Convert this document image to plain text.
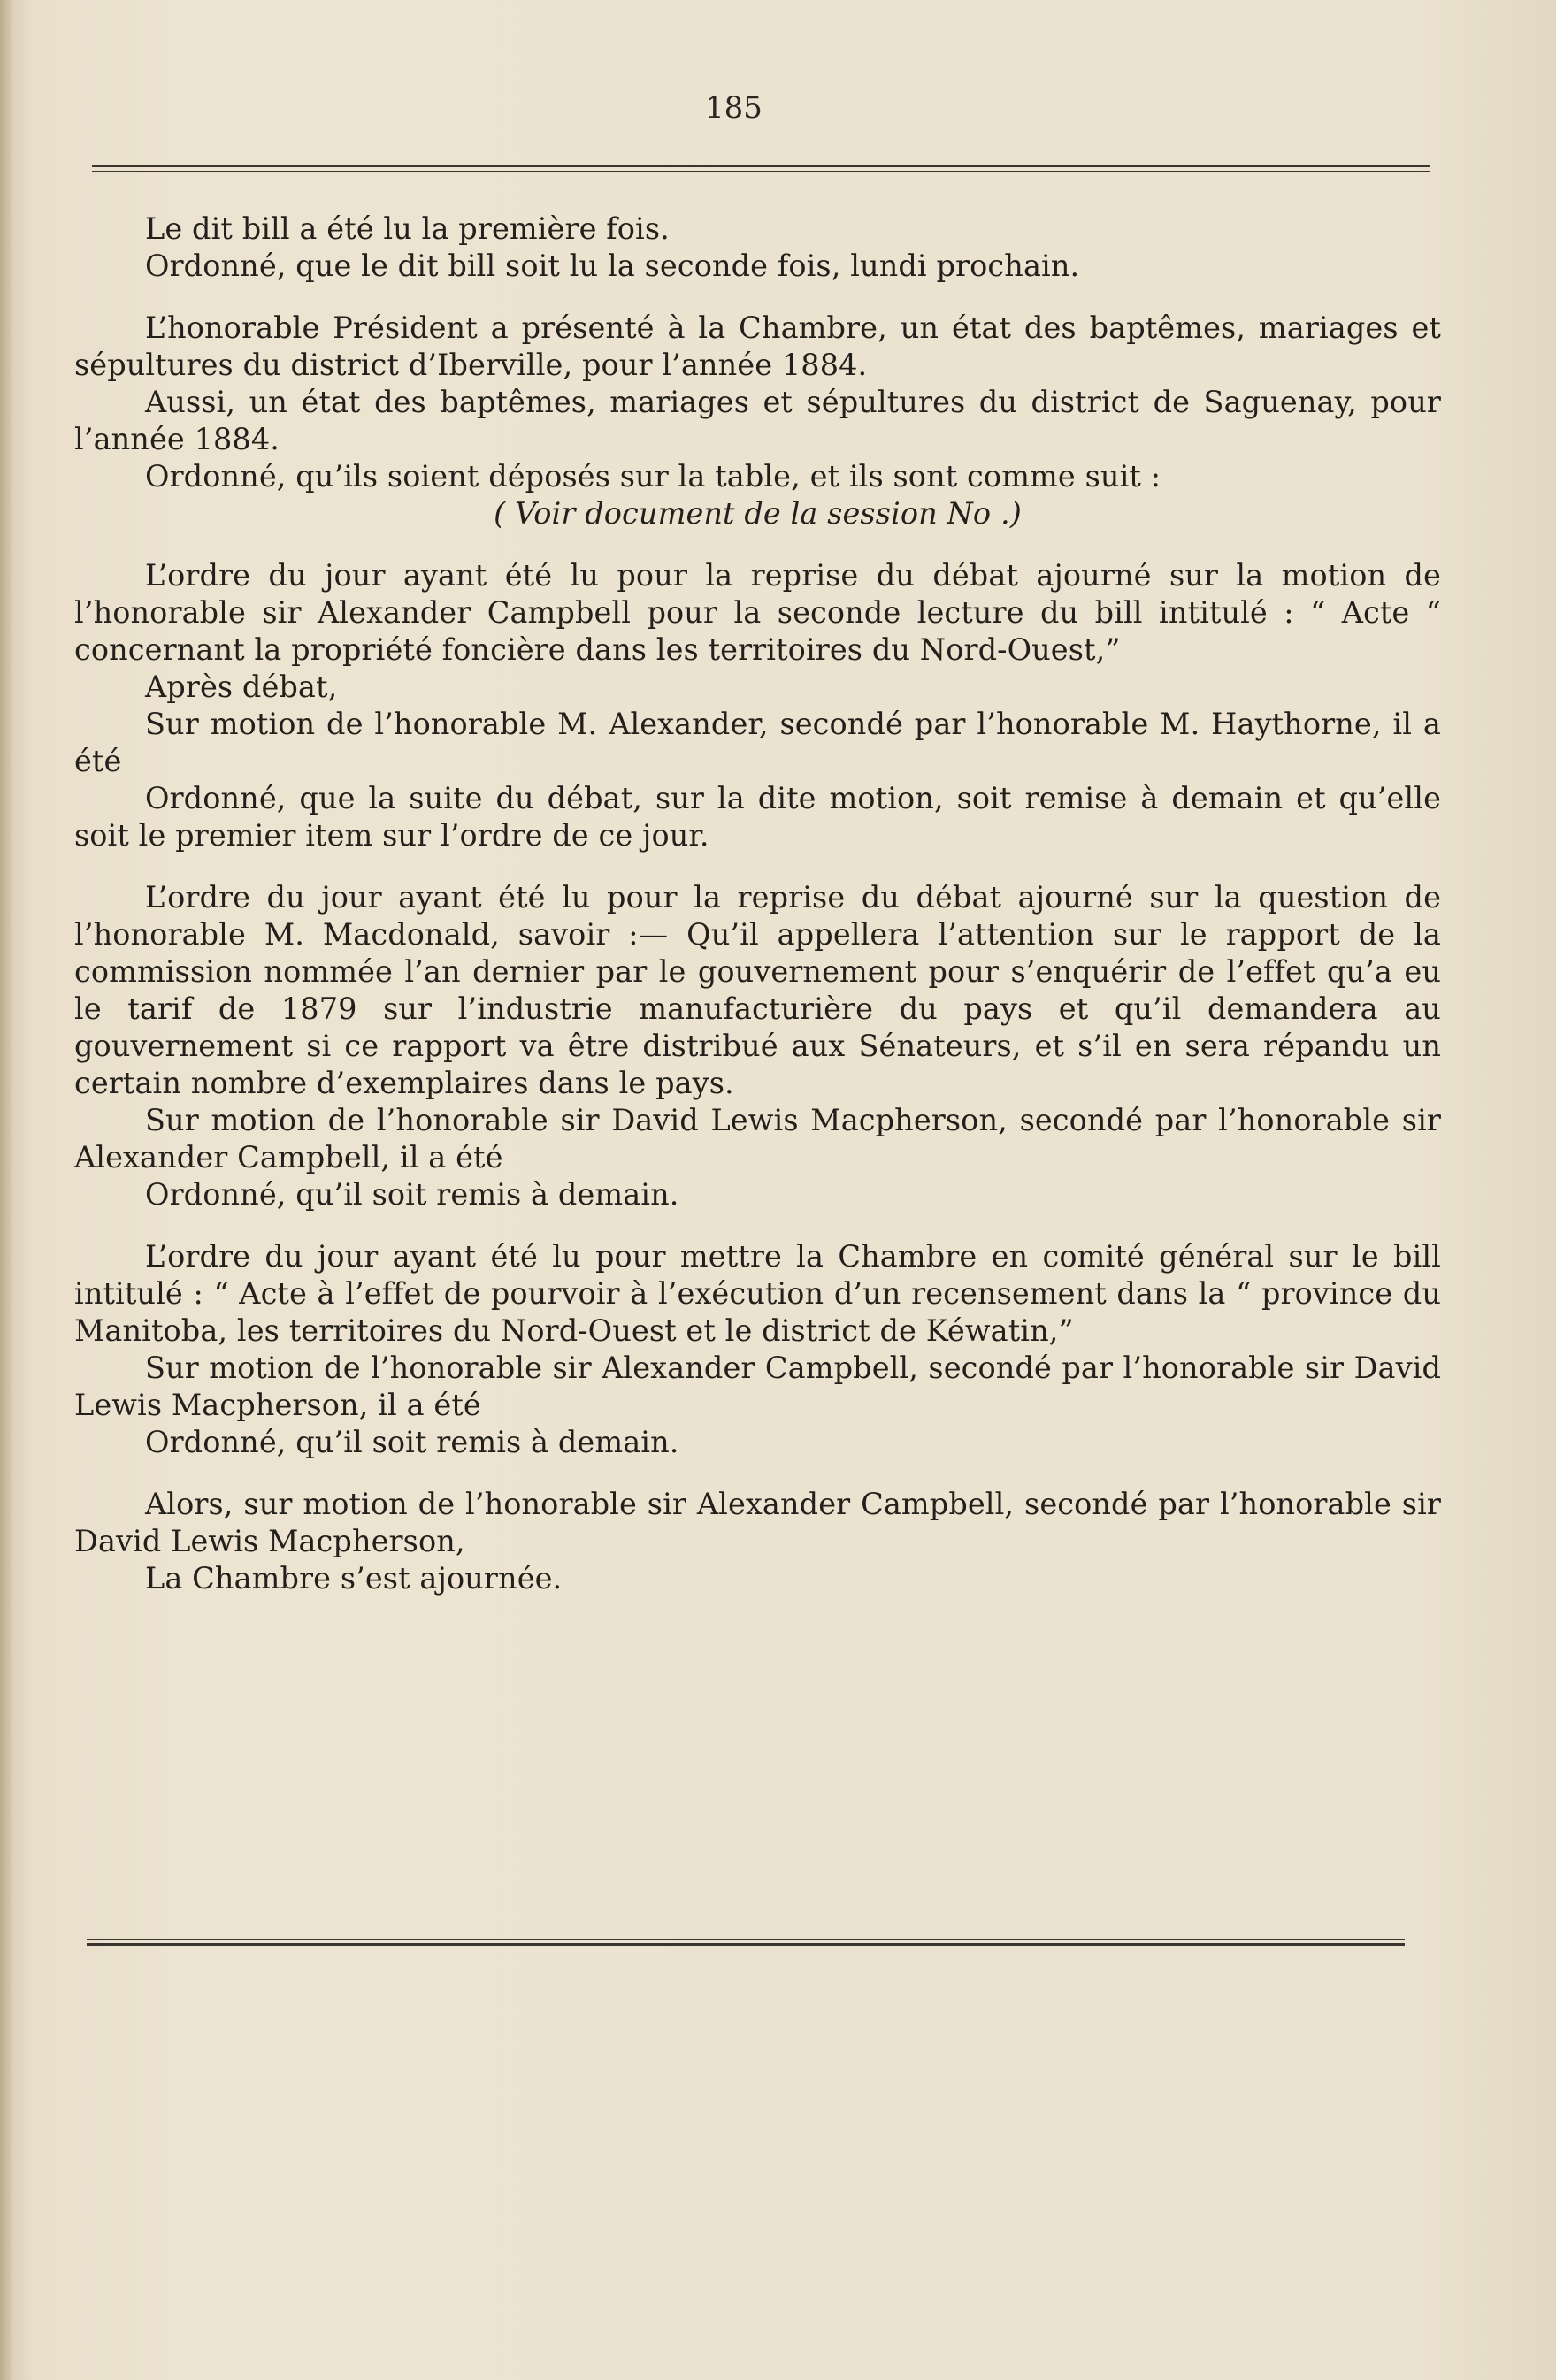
185

Le dit bill a été lu la première fois.

Ordonné, que le dit bill soit lu la seconde fois, lundi prochain.

L’honorable Président a présenté à la Chambre, un état des baptêmes, mariages et sépultures du district d’Iberville, pour l’année 1884.

Aussi, un état des baptêmes, mariages et sépultures du district de Saguenay, pour l’année 1884.

Ordonné, qu’ils soient déposés sur la table, et ils sont comme suit :

( Voir document de la session No .)

L’ordre du jour ayant été lu pour la reprise du débat ajourné sur la motion de l’honorable sir Alexander Campbell pour la seconde lecture du bill intitulé : “ Acte “ concernant la propriété foncière dans les territoires du Nord-Ouest,”

Après débat,

Sur motion de l’honorable M. Alexander, secondé par l’honorable M. Haythorne, il a été

Ordonné, que la suite du débat, sur la dite motion, soit remise à demain et qu’elle soit le premier item sur l’ordre de ce jour.

L’ordre du jour ayant été lu pour la reprise du débat ajourné sur la question de l’honorable M. Macdonald, savoir :— Qu’il appellera l’attention sur le rapport de la commission nommée l’an dernier par le gouvernement pour s’enquérir de l’effet qu’a eu le tarif de 1879 sur l’industrie manufacturière du pays et qu’il demandera au gouvernement si ce rapport va être distribué aux Sénateurs, et s’il en sera répandu un certain nombre d’exemplaires dans le pays.

Sur motion de l’honorable sir David Lewis Macpherson, secondé par l’honorable sir Alexander Campbell, il a été

Ordonné, qu’il soit remis à demain.

L’ordre du jour ayant été lu pour mettre la Chambre en comité général sur le bill intitulé : “ Acte à l’effet de pourvoir à l’exécution d’un recensement dans la “ province du Manitoba, les territoires du Nord-Ouest et le district de Kéwatin,”

Sur motion de l’honorable sir Alexander Campbell, secondé par l’honorable sir David Lewis Macpherson, il a été

Ordonné, qu’il soit remis à demain.

Alors, sur motion de l’honorable sir Alexander Campbell, secondé par l’honorable sir David Lewis Macpherson,

La Chambre s’est ajournée.
